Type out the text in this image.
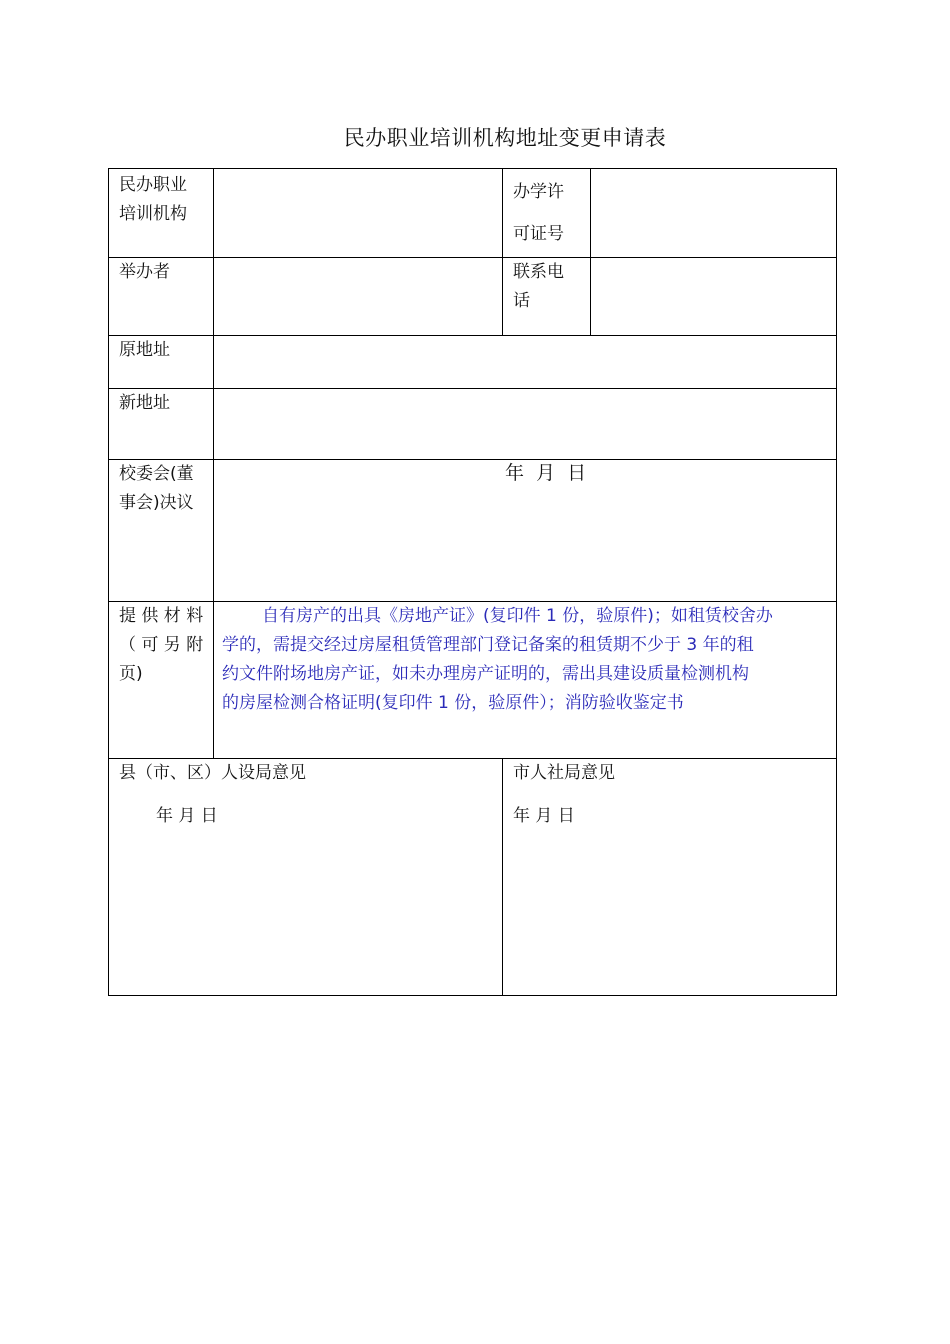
民办职业培训机构地址变更申请表
民办职业
培训机构
办学许
可证号
举办者	联系电
话
原地址
新地址
校委会(董
事会)决议
年  月  日
提 供 材 料
（ 可 另 附
页)
自有房产的出具《房地产证》(复印件 1 份，验原件)；如租赁校舍办
学的，需提交经过房屋租赁管理部门登记备案的租赁期不少于 3 年的租
约文件附场地房产证，如未办理房产证明的，需出具建设质量检测机构
的房屋检测合格证明(复印件 1 份，验原件）；消防验收鉴定书
县（市、区）人设局意见
年 月 日
市人社局意见
年 月 日
